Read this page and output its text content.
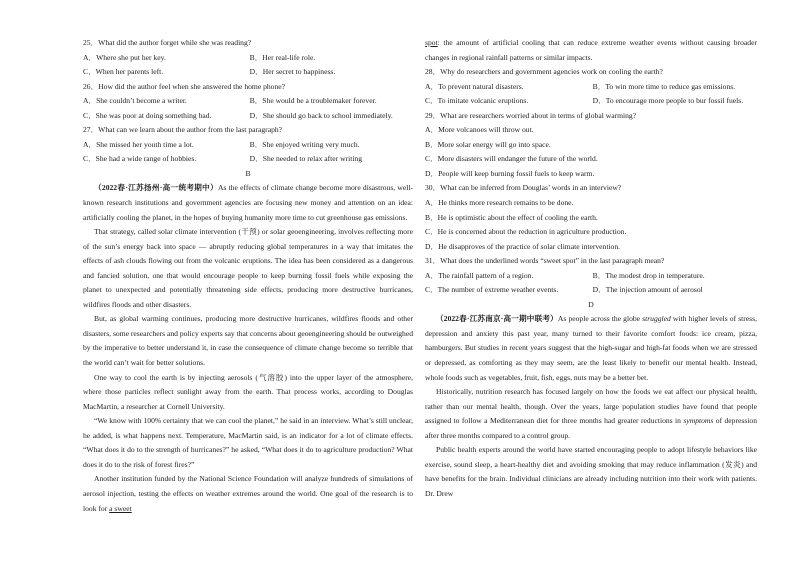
25．What did the author forget while she was reading?

A．Where she put her key.	B．Her real-life role.

C．When her parents left.	D．Her secret to happiness.

26．How did the author feel when she answered the home phone?

A．She couldn’t become a writer.	B．She would be a troublemaker forever.

C．She was poor at doing something bad.	D．She should go back to school immediately.

27．What can we learn about the author from the last paragraph?

A．She missed her youth time a lot.	B．She enjoyed writing very much.

C．She had a wide range of hobbies.	D．She needed to relax after writing

B

（2022春·江苏扬州·高一统考期中）As the effects of climate change become more disastrous, well-known research institutions and government agencies are focusing new money and attention on an idea: artificially cooling the planet, in the hopes of buying humanity more time to cut greenhouse gas emissions.

That strategy, called solar climate intervention (干预) or solar geoengineering, involves reflecting more of the sun’s energy back into space — abruptly reducing global temperatures in a way that imitates the effects of ash clouds flowing out from the volcanic eruptions. The idea has been considered as a dangerous and fancied solution, one that would encourage people to keep burning fossil fuels while exposing the planet to unexpected and potentially threatening side effects, producing more destructive hurricanes, wildfires floods and other disasters.

But, as global warming continues, producing more destructive hurricanes, wildfires floods and other disasters, some researchers and policy experts say that concerns about geoengineering should be outweighed by the imperative to better understand it, in case the consequence of climate change become so terrible that the world can’t wait for better solutions.

One way to cool the earth is by injecting aerosols (气溶胶) into the upper layer of the atmosphere, where those particles reflect sunlight away from the earth. That process works, according to Douglas MacMartin, a researcher at Cornell University.

“We know with 100% certainty that we can cool the planet,” he said in an interview. What’s still unclear, he added, is what happens next. Temperature, MacMartin said, is an indicator for a lot of climate effects. “What does it do to the strength of hurricanes?” he asked, “What does it do to agriculture production? What does it do to the risk of forest fires?”

Another institution funded by the National Science Foundation will analyze hundreds of simulations of aerosol injection, testing the effects on weather extremes around the world. One goal of the research is to look for a sweet

spot: the amount of artificial cooling that can reduce extreme weather events without causing broader changes in regional rainfall patterns or similar impacts.

28．Why do researchers and government agencies work on cooling the earth?

A．To prevent natural disasters.	B．To win more time to reduce gas emissions.

C．To imitate volcanic eruptions.	D．To encourage more people to bur fossil fuels.

29．What are researchers worried about in terms of global warming?

A．More volcanoes will throw out.

B．More solar energy will go into space.

C．More disasters will endanger the future of the world.

D．People will keep burning fossil fuels to keep warm.

30．What can be inferred from Douglas’ words in an interview?

A．He thinks more research remains to be done.

B．He is optimistic about the effect of cooling the earth.

C．He is concerned about the reduction in agriculture production.

D．He disapproves of the practice of solar climate intervention.

31．What does the underlined words “sweet spot” in the last paragraph mean?

A．The rainfall pattern of a region.	B．The modest drop in temperature.

C．The number of extreme weather events.	D．The injection amount of aerosol

D

（2022春·江苏南京·高一期中联考）As people across the globe struggled with higher levels of stress, depression and anxiety this past year, many turned to their favorite comfort foods: ice cream, pizza, hamburgers. But studies in recent years suggest that the high-sugar and high-fat foods when we are stressed or depressed, as comforting as they may seem, are the least likely to benefit our mental health. Instead, whole foods such as vegetables, fruit, fish, eggs, nuts may be a better bet.

Historically, nutrition research has focused largely on how the foods we eat affect our physical health, rather than our mental health, though. Over the years, large population studies have found that people assigned to follow a Mediterranean diet for three months had greater reductions in symptoms of depression after three months compared to a control group.

Public health experts around the world have started encouraging people to adopt lifestyle behaviors like exercise, sound sleep, a heart-healthy diet and avoiding smoking that may reduce inflammation (发炎) and have benefits for the brain. Individual clinicians are already including nutrition into their work with patients. Dr. Drew
